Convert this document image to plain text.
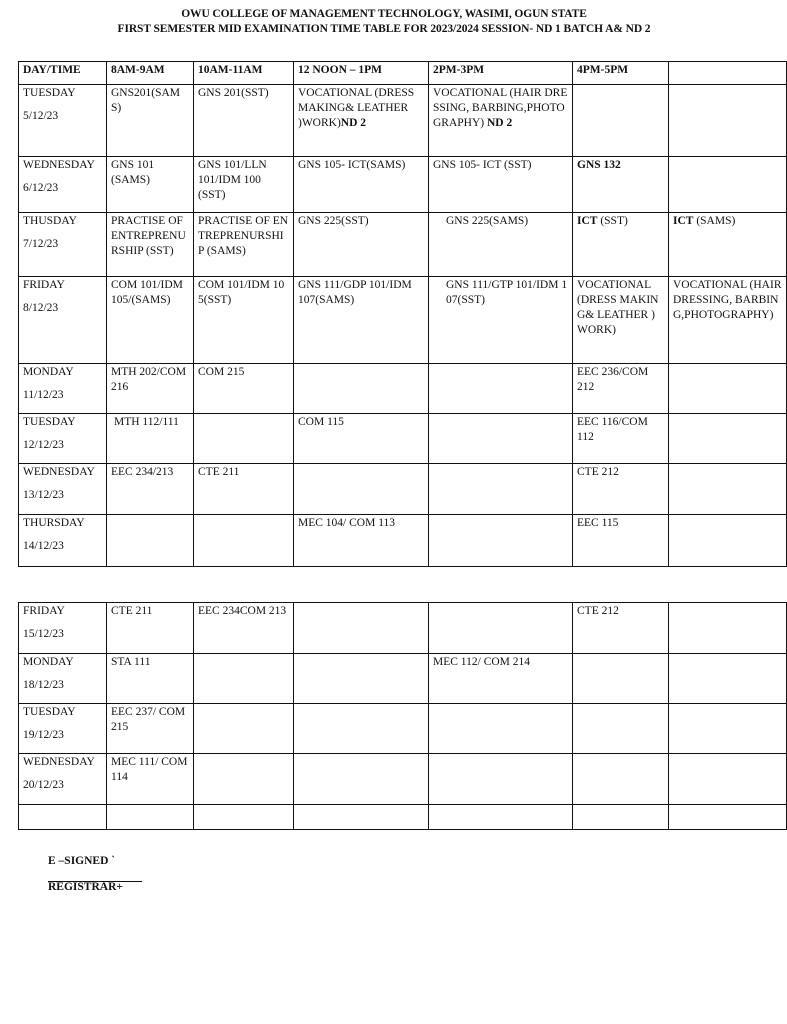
OWU COLLEGE OF MANAGEMENT TECHNOLOGY, WASIMI, OGUN STATE
FIRST SEMESTER MID EXAMINATION TIME TABLE FOR 2023/2024 SESSION- ND 1 BATCH A& ND 2
DAY/TIME	8AM-9AM	10AM-11AM	12 NOON – 1PM	2PM-3PM	4PM-5PM	

TUESDAY
5/12/23	GNS201(SAMS)	GNS 201(SST)	VOCATIONAL (DRESS MAKING& LEATHER )WORK)ND 2	VOCATIONAL (HAIR DRESSING, BARBING,PHOTOGRAPHY) ND 2		

WEDNESDAY
6/12/23	GNS 101 (SAMS)	GNS 101/LLN 101/IDM 100 (SST)	GNS 105- ICT(SAMS)	GNS 105- ICT (SST)	GNS 132	

THUSDAY
7/12/23	PRACTISE OF ENTREPRENURSHIP (SST)	PRACTISE OF ENTREPRENURSHIP (SAMS)	GNS 225(SST)	GNS 225(SAMS)	ICT (SST)	ICT (SAMS)

FRIDAY
8/12/23	COM 101/IDM 105/(SAMS)	COM 101/IDM 105(SST)	GNS 111/GDP 101/IDM 107(SAMS)	GNS 111/GTP 101/IDM 107(SST)	VOCATIONAL (DRESS MAKING& LEATHER )WORK)	VOCATIONAL (HAIR DRESSING, BARBING,PHOTOGRAPHY)

MONDAY
11/12/23	MTH 202/COM 216	COM 215			EEC 236/COM 212	

TUESDAY
12/12/23	MTH 112/111		COM 115		EEC 116/COM 112	

WEDNESDAY
13/12/23	EEC 234/213	CTE 211			CTE 212	

THURSDAY
14/12/23			MEC 104/ COM 113		EEC 115	
FRIDAY
15/12/23	CTE 211	EEC 234COM 213			CTE 212	

MONDAY
18/12/23	STA 111			MEC 112/ COM 214		

TUESDAY
19/12/23	EEC 237/ COM 215					

WEDNESDAY
20/12/23	MEC 111/ COM 114					

E –SIGNED `
REGISTRAR+
